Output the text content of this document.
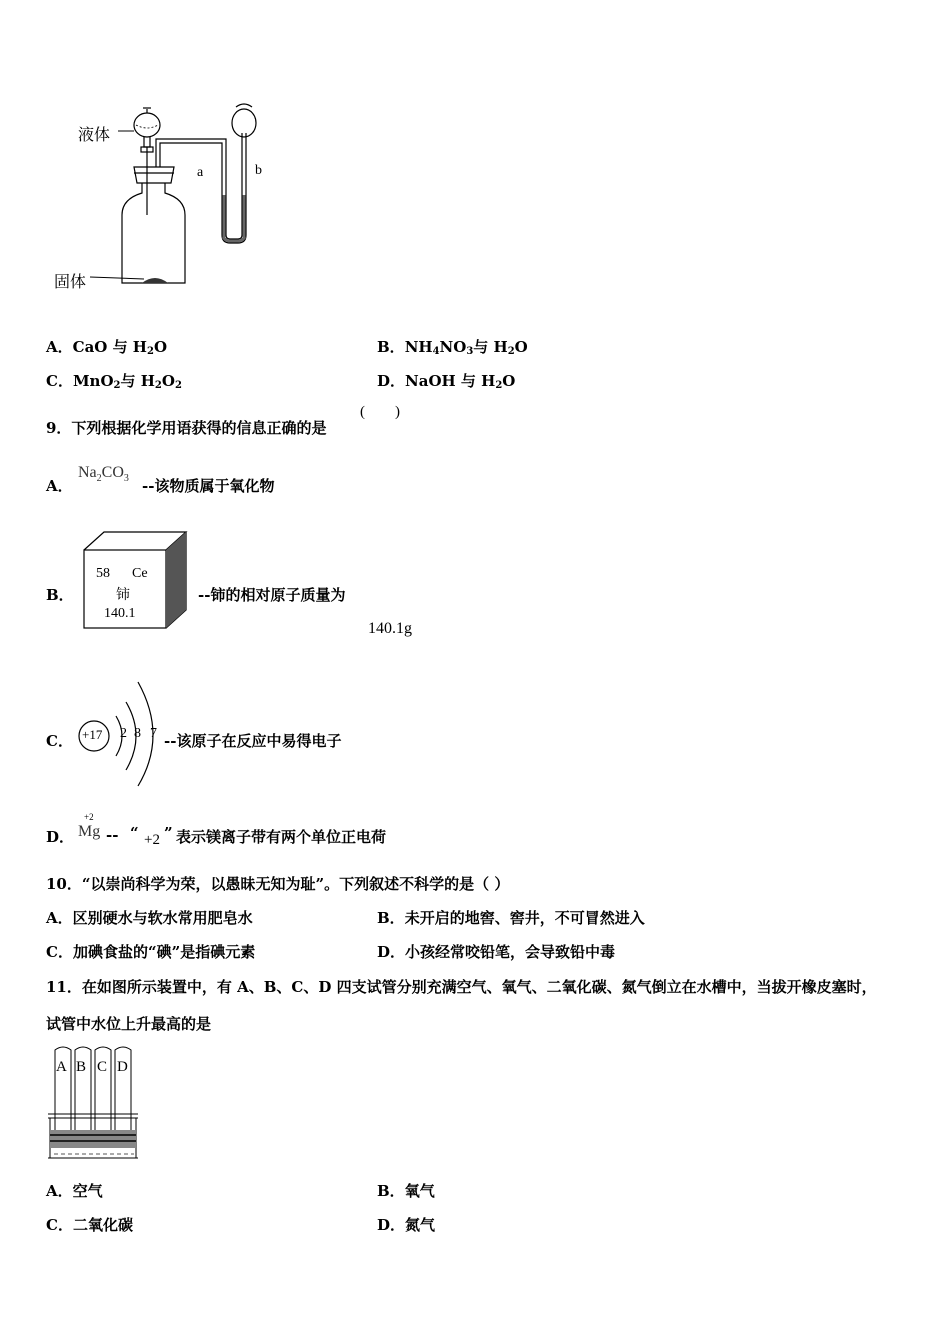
液体
固体
a	b
A．CaO 与 $H_2O$	B．$NH_4NO_3$与 $H_2O$
C．MnO$_2$与 $H_2O_2$	D．NaOH 与 $H_2O$
9．下列根据化学用语获得的信息正确的是
(        )
A．
$Na_2CO_3$ --该物质属于氧化物
B．
58 Ce
铈
140.1
--铈的相对原子质量为
140.1g
C． +17 2 8 7 --该原子在反应中易得电子
D．
+2
Mg -- “ +2 ” 表示镁离子带有两个单位正电荷
10．“以崇尚科学为荣，以愚昧无知为耻”。下列叙述不科学的是（ ）
A．区别硬水与软水常用肥皂水	B．未开启的地窖、窖井，不可冒然进入
C．加碘食盐的“碘”是指碘元素	D．小孩经常咬铅笔，会导致铅中毒
11．在如图所示装置中，有 A、B、C、D 四支试管分别充满空气、氧气、二氧化碳、氮气倒立在水槽中，当拔开橡皮塞时，
试管中水位上升最高的是
A B C D
A．空气	B．氧气
C．二氧化碳	D．氮气
